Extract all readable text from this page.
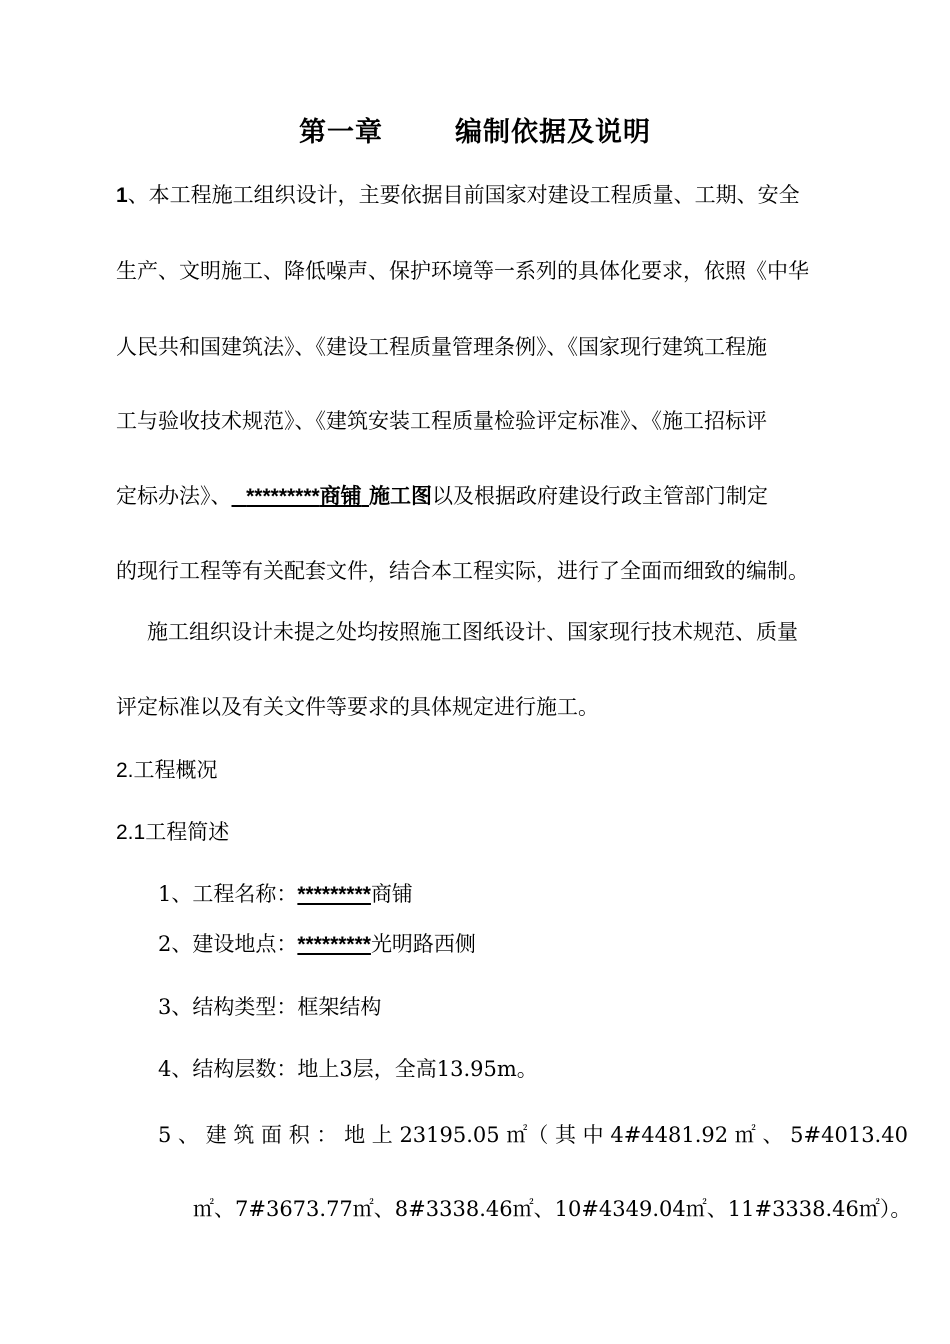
第一章	编制依据及说明
1、本工程施工组织设计，主要依据目前国家对建设工程质量、工期、安全
生产、文明施工、降低噪声、保护环境等一系列的具体化要求，依照《中华
人民共和国建筑法》、《建设工程质量管理条例》、《国家现行建筑工程施
工与验收技术规范》、《建筑安装工程质量检验评定标准》、《施工招标评
定标办法》、 *********商铺 施工图以及根据政府建设行政主管部门制定
的现行工程等有关配套文件，结合本工程实际，进行了全面而细致的编制。
施工组织设计未提之处均按照施工图纸设计、国家现行技术规范、质量
评定标准以及有关文件等要求的具体规定进行施工。
2.工程概况
2.1工程简述
1、工程名称：*********商铺
2、建设地点：*********光明路西侧
3、结构类型：框架结构
4、结构层数：地上3层，全高13.95m。
5 、 建 筑 面 积 ： 地 上 23195.05 ㎡（ 其 中 4#4481.92 ㎡ 、 5#4013.40
㎡、7#3673.77㎡、8#3338.46㎡、10#4349.04㎡、11#3338.46㎡）。
